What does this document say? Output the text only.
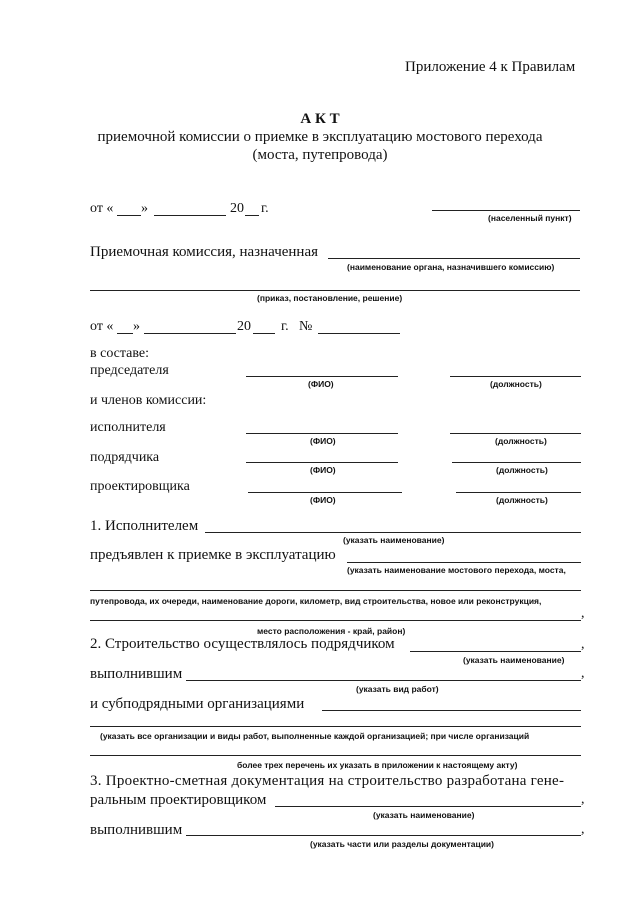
Приложение 4 к Правилам
А К Т
приемочной комиссии о приемке в эксплуатацию мостового перехода
(моста, путепровода)
от « »	20 г.
(населенный пункт)
Приемочная комиссия, назначенная
(наименование органа, назначившего комиссию)
(приказ, постановление, решение)
от « »	20 г. №
в составе:
председателя
(ФИО)	(должность)
и членов комиссии:
исполнителя
(ФИО)	(должность)
подрядчика
(ФИО)	(должность)
проектировщика
(ФИО)	(должность)
1. Исполнителем
(указать наименование)
предъявлен к приемке в эксплуатацию
(указать наименование мостового перехода, моста,
путепровода, их очереди, наименование дороги, километр, вид строительства, новое или реконструкция,
,
место расположения - край, район)
2. Строительство осуществлялось подрядчиком	,
(указать наименование)
выполнившим	,
(указать вид работ)
и субподрядными организациями
(указать все организации и виды работ, выполненные каждой организацией; при числе организаций
более трех перечень их указать в приложении к настоящему акту)
3. Проектно-сметная документация на строительство разработана гене-
ральным проектировщиком	,
(указать наименование)
выполнившим	,
(указать части или разделы документации)
